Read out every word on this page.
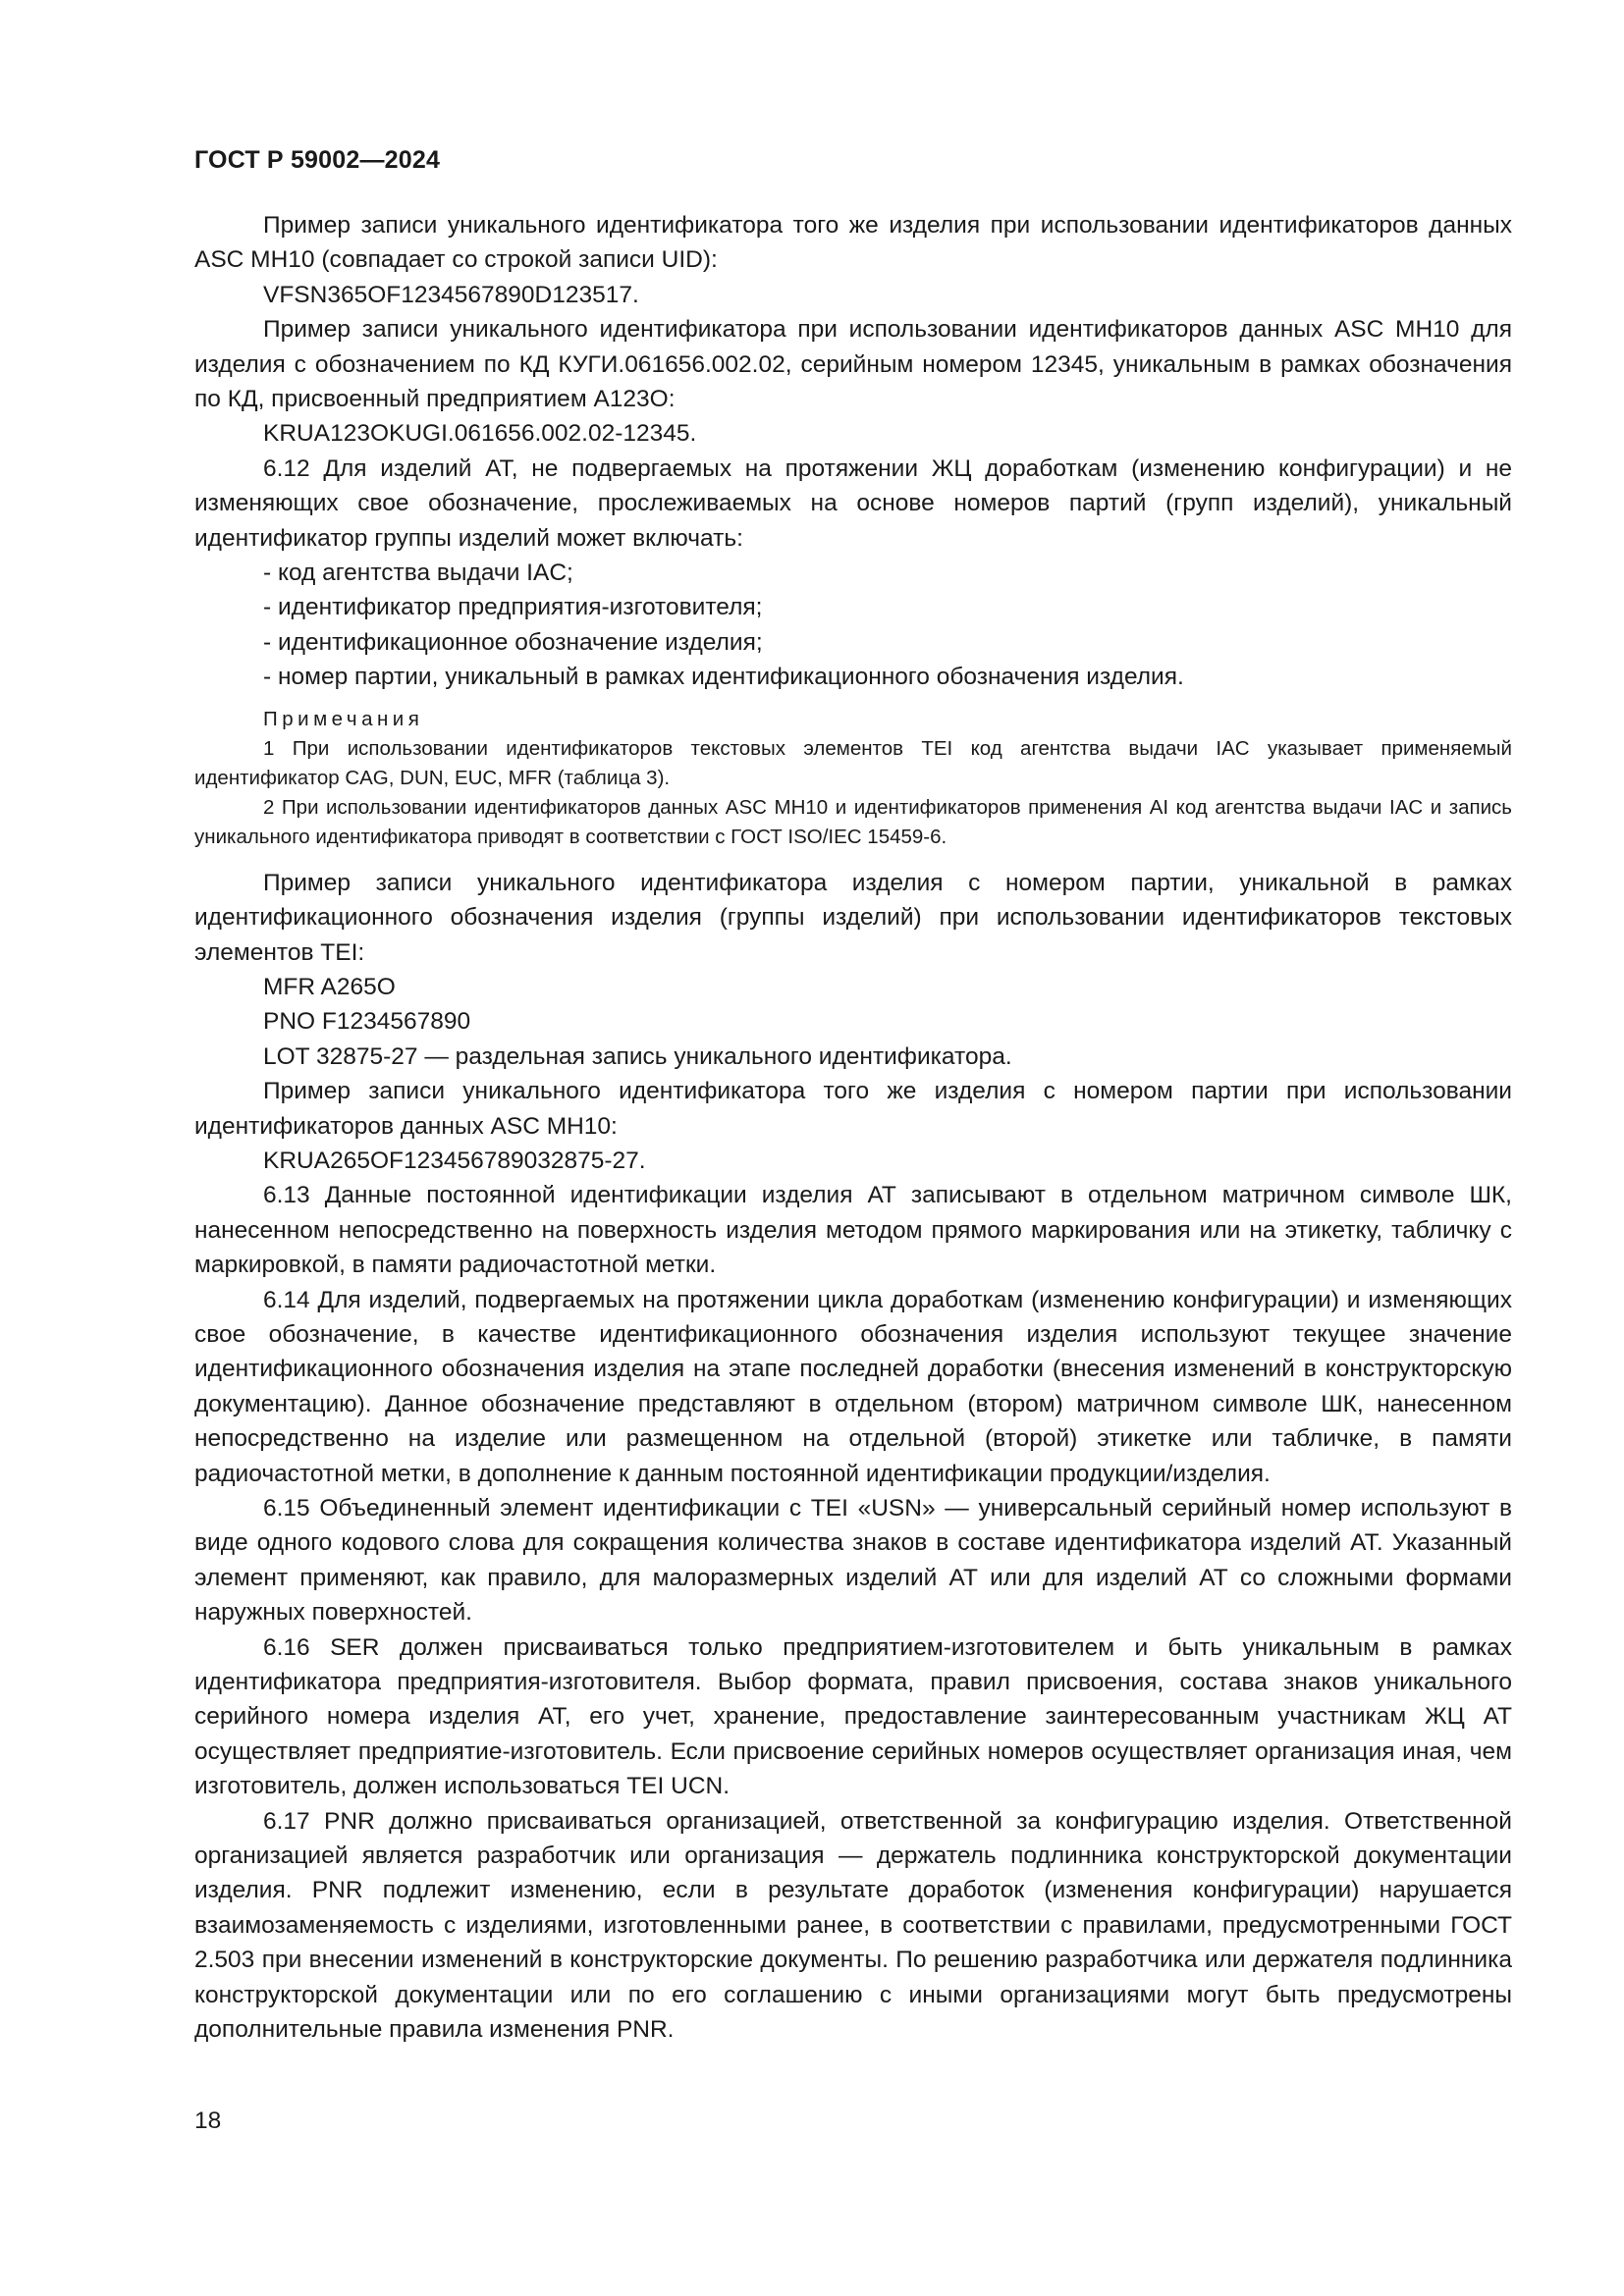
ГОСТ Р 59002—2024

Пример записи уникального идентификатора того же изделия при использовании идентификаторов данных ASC MH10 (совпадает со строкой записи UID):

VFSN365OF1234567890D123517.

Пример записи уникального идентификатора при использовании идентификаторов данных ASC MH10 для изделия с обозначением по КД КУГИ.061656.002.02, серийным номером 12345, уникальным в рамках обозначения по КД, присвоенный предприятием A123O:

KRUA123OKUGI.061656.002.02-12345.

6.12 Для изделий АТ, не подвергаемых на протяжении ЖЦ доработкам (изменению конфигурации) и не изменяющих свое обозначение, прослеживаемых на основе номеров партий (групп изделий), уникальный идентификатор группы изделий может включать:

- код агентства выдачи IAC;

- идентификатор предприятия-изготовителя;

- идентификационное обозначение изделия;

- номер партии, уникальный в рамках идентификационного обозначения изделия.

Примечания

1 При использовании идентификаторов текстовых элементов TEI код агентства выдачи IAC указывает применяемый идентификатор CAG, DUN, EUC, MFR (таблица 3).

2 При использовании идентификаторов данных ASC MH10 и идентификаторов применения AI код агентства выдачи IAC и запись уникального идентификатора приводят в соответствии с ГОСТ ISO/IEC 15459-6.

Пример записи уникального идентификатора изделия с номером партии, уникальной в рамках идентификационного обозначения изделия (группы изделий) при использовании идентификаторов текстовых элементов TEI:

MFR A265O

PNO F1234567890

LOT 32875-27 — раздельная запись уникального идентификатора.

Пример записи уникального идентификатора того же изделия с номером партии при использовании идентификаторов данных ASC MH10:

KRUA265OF123456789032875-27.

6.13 Данные постоянной идентификации изделия АТ записывают в отдельном матричном символе ШК, нанесенном непосредственно на поверхность изделия методом прямого маркирования или на этикетку, табличку с маркировкой, в памяти радиочастотной метки.

6.14 Для изделий, подвергаемых на протяжении цикла доработкам (изменению конфигурации) и изменяющих свое обозначение, в качестве идентификационного обозначения изделия используют текущее значение идентификационного обозначения изделия на этапе последней доработки (внесения изменений в конструкторскую документацию). Данное обозначение представляют в отдельном (втором) матричном символе ШК, нанесенном непосредственно на изделие или размещенном на отдельной (второй) этикетке или табличке, в памяти радиочастотной метки, в дополнение к данным постоянной идентификации продукции/изделия.

6.15 Объединенный элемент идентификации с TEI «USN» — универсальный серийный номер используют в виде одного кодового слова для сокращения количества знаков в составе идентификатора изделий АТ. Указанный элемент применяют, как правило, для малоразмерных изделий АТ или для изделий АТ со сложными формами наружных поверхностей.

6.16 SER должен присваиваться только предприятием-изготовителем и быть уникальным в рамках идентификатора предприятия-изготовителя. Выбор формата, правил присвоения, состава знаков уникального серийного номера изделия АТ, его учет, хранение, предоставление заинтересованным участникам ЖЦ АТ осуществляет предприятие-изготовитель. Если присвоение серийных номеров осуществляет организация иная, чем изготовитель, должен использоваться TEI UCN.

6.17 PNR должно присваиваться организацией, ответственной за конфигурацию изделия. Ответственной организацией является разработчик или организация — держатель подлинника конструкторской документации изделия. PNR подлежит изменению, если в результате доработок (изменения конфигурации) нарушается взаимозаменяемость с изделиями, изготовленными ранее, в соответствии с правилами, предусмотренными ГОСТ 2.503 при внесении изменений в конструкторские документы. По решению разработчика или держателя подлинника конструкторской документации или по его соглашению с иными организациями могут быть предусмотрены дополнительные правила изменения PNR.

18
